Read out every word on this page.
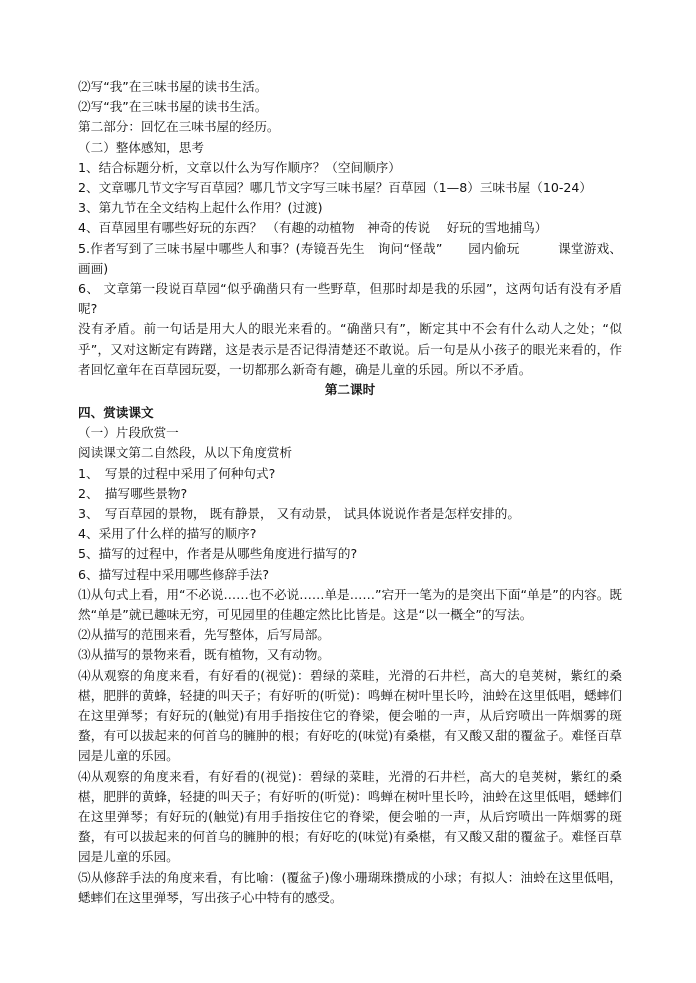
⑵写“我”在三味书屋的读书生活。
⑵写“我”在三味书屋的读书生活。
第二部分：回忆在三味书屋的经历。
（二）整体感知，思考
1、结合标题分析，文章以什么为写作顺序？（空间顺序）
2、文章哪几节文字写百草园？哪几节文字写三味书屋？百草园（1—8）三味书屋（10-24）
3、第九节在全文结构上起什么作用？(过渡)
4、百草园里有哪些好玩的东西？ （有趣的动植物　神奇的传说　 好玩的雪地捕鸟）

5.作者写到了三味书屋中哪些人和事？(寿镜吾先生　询问“怪哉”　　园内偷玩　　　课堂游戏、画画)

6、 文章第一段说百草园“似乎确凿只有一些野草，但那时却是我的乐园”，这两句话有没有矛盾呢?

没有矛盾。前一句话是用大人的眼光来看的。“确凿只有”，断定其中不会有什么动人之处；“似乎”，又对这断定有踌躇，这是表示是否记得清楚还不敢说。后一句是从小孩子的眼光来看的，作者回忆童年在百草园玩耍，一切都那么新奇有趣，确是儿童的乐园。所以不矛盾。

第二课时
四、赏读课文
（一）片段欣赏一
阅读课文第二自然段，从以下角度赏析
1、　写景的过程中采用了何种句式?
2、　描写哪些景物?
3、　写百草园的景物， 既有静景， 又有动景， 试具体说说作者是怎样安排的。
4、采用了什么样的描写的顺序?
5、描写的过程中，作者是从哪些角度进行描写的?
6、描写过程中采用哪些修辞手法?

⑴从句式上看，用“不必说……也不必说……单是……”宕开一笔为的是突出下面“单是”的内容。既然“单是”就已趣味无穷，可见园里的佳趣定然比比皆是。这是“以一概全”的写法。

⑵从描写的范围来看，先写整体，后写局部。
⑶从描写的景物来看，既有植物，又有动物。

⑷从观察的角度来看，有好看的(视觉)：碧绿的菜畦，光滑的石井栏，高大的皂荚树，紫红的桑椹，肥胖的黄蜂，轻捷的叫天子；有好听的(听觉)：鸣蝉在树叶里长吟，油蛉在这里低唱，蟋蟀们在这里弹琴；有好玩的(触觉)有用手指按住它的脊梁，便会啪的一声，从后窍喷出一阵烟雾的斑蝥，有可以拔起来的何首乌的臃肿的根；有好吃的(味觉)有桑椹，有又酸又甜的覆盆子。难怪百草园是儿童的乐园。

⑷从观察的角度来看，有好看的(视觉)：碧绿的菜畦，光滑的石井栏，高大的皂荚树，紫红的桑椹，肥胖的黄蜂，轻捷的叫天子；有好听的(听觉)：鸣蝉在树叶里长吟，油蛉在这里低唱，蟋蟀们在这里弹琴；有好玩的(触觉)有用手指按住它的脊梁，便会啪的一声，从后窍喷出一阵烟雾的斑蝥，有可以拔起来的何首乌的臃肿的根；有好吃的(味觉)有桑椹，有又酸又甜的覆盆子。难怪百草园是儿童的乐园。

⑸从修辞手法的角度来看，有比喻：(覆盆子)像小珊瑚珠攒成的小球；有拟人：油蛉在这里低唱，蟋蟀们在这里弹琴，写出孩子心中特有的感受。
